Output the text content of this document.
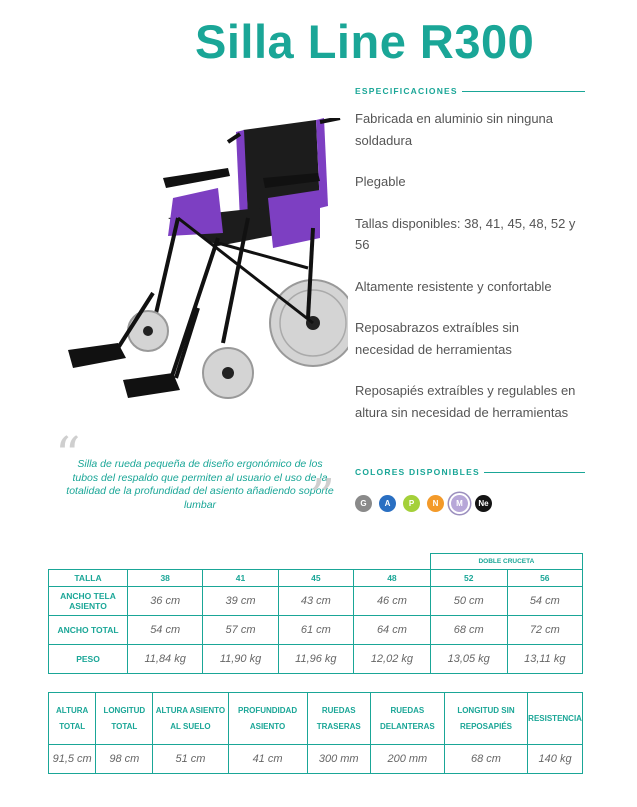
Silla Line R300
ESPECIFICACIONES
Fabricada en aluminio sin ninguna soldadura
Plegable
Tallas disponibles: 38, 41, 45, 48, 52 y 56
Altamente resistente y confortable
Reposabrazos extraíbles sin necesidad de herramientas
Reposapiés extraíbles y regulables en altura sin necesidad de herramientas
“

Silla de rueda pequeña de diseño ergonómico de los tubos del respaldo que permiten al usuario el uso de la totalidad de la profundidad del asiento añadiendo soporte lumbar	” COLORES DISPONIBLES
G	A	P	N	M	Ne
					DOBLE CRUCETA	
TALLA	38	41	45	48	52	56
ANCHO TELA ASIENTO	36 cm	39 cm	43 cm	46 cm	50 cm	54 cm
ANCHO TOTAL	54 cm	57 cm	61 cm	64 cm	68 cm	72 cm
PESO	11,84 kg	11,90 kg	11,96 kg	12,02 kg	13,05 kg	13,11 kg
ALTURA TOTAL	LONGITUD TOTAL	ALTURA ASIENTO AL SUELO	PROFUNDIDAD ASIENTO	RUEDAS TRASERAS	RUEDAS DELANTERAS	LONGITUD SIN REPOSAPIÉS	RESISTENCIA
91,5 cm	98 cm	51 cm	41 cm	300 mm	200 mm	68 cm	140 kg
